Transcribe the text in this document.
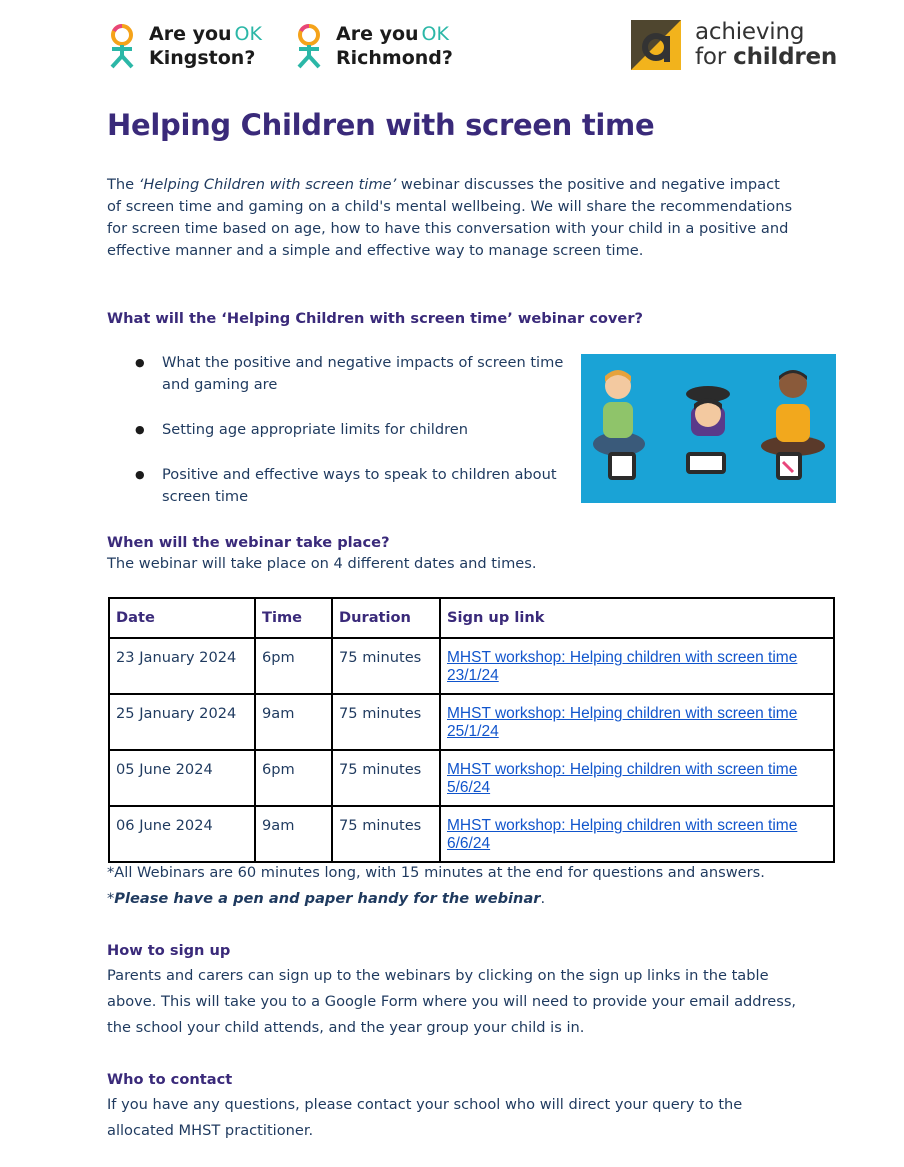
Are you OK
Kingston?
Are you OK
Richmond?
achieving
for children
Helping Children with screen time

The ‘Helping Children with screen time’ webinar discusses the positive and negative impact of screen time and gaming on a child's mental wellbeing. We will share the recommendations for screen time based on age, how to have this conversation with your child in a positive and effective manner and a simple and effective way to manage screen time.

What will the ‘Helping Children with screen time’ webinar cover?
● What the positive and negative impacts of screen time and gaming are
● Setting age appropriate limits for children
● Positive and effective ways to speak to children about screen time
When will the webinar take place?
The webinar will take place on 4 different dates and times.
Date	Time	Duration	Sign up link
23 January 2024	6pm	75 minutes	MHST workshop: Helping children with screen time 23/1/24
25 January 2024	9am	75 minutes	MHST workshop: Helping children with screen time 25/1/24
05 June 2024	6pm	75 minutes	MHST workshop: Helping children with screen time 5/6/24
06 June 2024	9am	75 minutes	MHST workshop: Helping children with screen time 6/6/24
*All Webinars are 60 minutes long, with 15 minutes at the end for questions and answers.
*Please have a pen and paper handy for the webinar.
How to sign up

Parents and carers can sign up to the webinars by clicking on the sign up links in the table above. This will take you to a Google Form where you will need to provide your email address, the school your child attends, and the year group your child is in.

Who to contact

If you have any questions, please contact your school who will direct your query to the allocated MHST practitioner.
